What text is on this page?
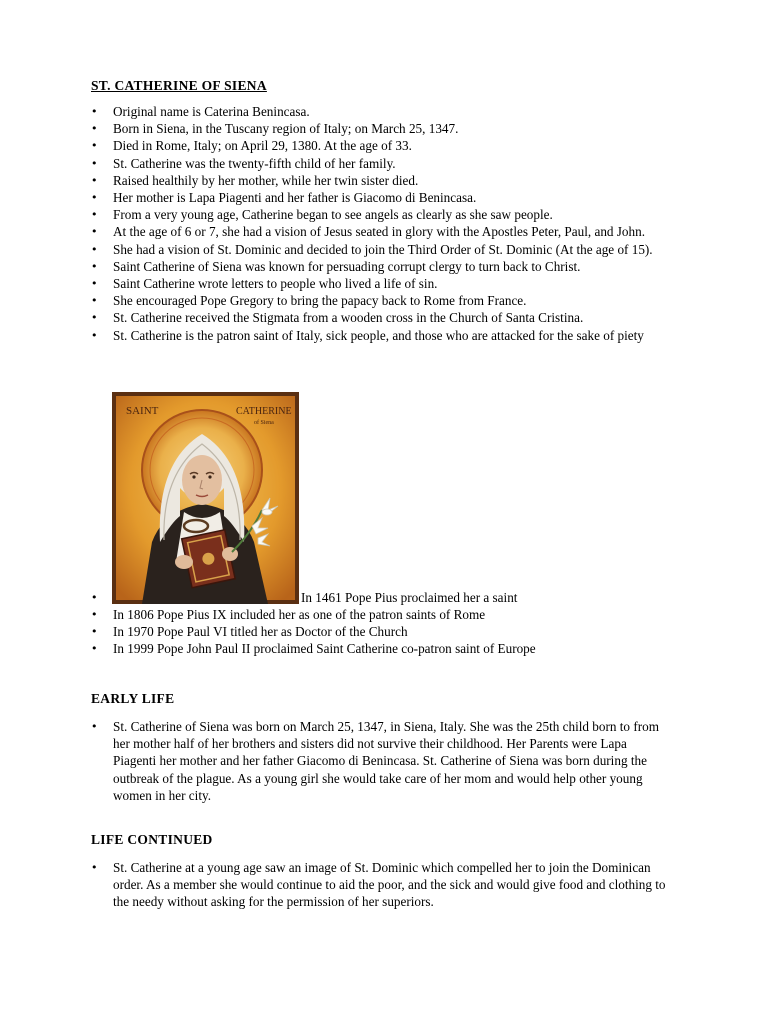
ST. CATHERINE OF SIENA
• Original name is Caterina Benincasa.
• Born in Siena, in the Tuscany region of Italy; on March 25, 1347.
• Died in Rome, Italy; on April 29, 1380. At the age of 33.
• St. Catherine was the twenty-fifth child of her family.
• Raised healthily by her mother, while her twin sister died.
• Her mother is Lapa Piagenti and her father is Giacomo di Benincasa.
• From a very young age, Catherine began to see angels as clearly as she saw people.
• At the age of 6 or 7, she had a vision of Jesus seated in glory with the Apostles Peter, Paul, and John.
• She had a vision of St. Dominic and decided to join the Third Order of St. Dominic (At the age of 15).
• Saint Catherine of Siena was known for persuading corrupt clergy to turn back to Christ.
• Saint Catherine wrote letters to people who lived a life of sin.
• She encouraged Pope Gregory to bring the papacy back to Rome from France.
• St. Catherine received the Stigmata from a wooden cross in the Church of Santa Cristina.
• St. Catherine is the patron saint of Italy, sick people, and those who are attacked for the sake of piety
SAINT	CATHERINE
of Siena
• In 1461 Pope Pius proclaimed her a saint
• In 1806 Pope Pius IX included her as one of the patron saints of Rome
• In 1970 Pope Paul VI titled her as Doctor of the Church
• In 1999 Pope John Paul II proclaimed Saint Catherine co-patron saint of Europe
EARLY LIFE
• St. Catherine of Siena was born on March 25, 1347, in Siena, Italy. She was the 25th child born to from her mother half of her brothers and sisters did not survive their childhood. Her Parents were Lapa Piagenti her mother and her father Giacomo di Benincasa. St. Catherine of Siena was born during the outbreak of the plague. As a young girl she would take care of her mom and would help other young women in her city.
LIFE CONTINUED
• St. Catherine at a young age saw an image of St. Dominic which compelled her to join the Dominican order. As a member she would continue to aid the poor, and the sick and would give food and clothing to the needy without asking for the permission of her superiors.
